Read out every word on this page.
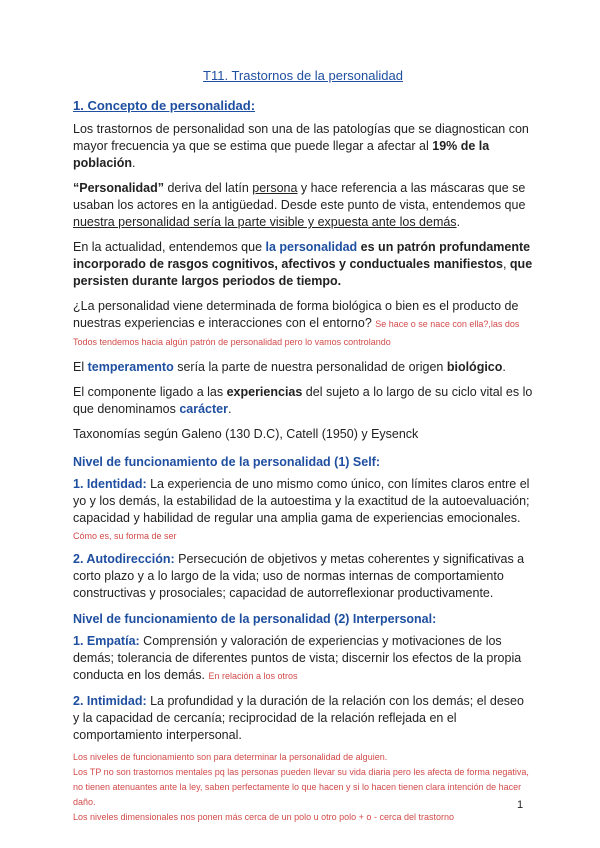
T11. Trastornos de la personalidad
1. Concepto de personalidad:

Los trastornos de personalidad son una de las patologías que se diagnostican con mayor frecuencia ya que se estima que puede llegar a afectar al 19% de la población.

“Personalidad” deriva del latín persona y hace referencia a las máscaras que se usaban los actores en la antigüedad. Desde este punto de vista, entendemos que nuestra personalidad sería la parte visible y expuesta ante los demás.

En la actualidad, entendemos que la personalidad es un patrón profundamente incorporado de rasgos cognitivos, afectivos y conductuales manifiestos, que persisten durante largos periodos de tiempo.

¿La personalidad viene determinada de forma biológica o bien es el producto de nuestras experiencias e interacciones con el entorno? Se hace o se nace con ella?,las dos Todos tendemos hacia algún patrón de personalidad pero lo vamos controlando

El temperamento sería la parte de nuestra personalidad de origen biológico.

El componente ligado a las experiencias del sujeto a lo largo de su ciclo vital es lo que denominamos carácter.

Taxonomías según Galeno (130 D.C), Catell (1950) y Eysenck

Nivel de funcionamiento de la personalidad (1) Self:

1. Identidad: La experiencia de uno mismo como único, con límites claros entre el yo y los demás, la estabilidad de la autoestima y la exactitud de la autoevaluación; capacidad y habilidad de regular una amplia gama de experiencias emocionales.
Cómo es, su forma de ser

2. Autodirección: Persecución de objetivos y metas coherentes y significativas a corto plazo y a lo largo de la vida; uso de normas internas de comportamiento constructivas y prosociales; capacidad de autorreflexionar productivamente.

Nivel de funcionamiento de la personalidad (2) Interpersonal:

1. Empatía: Comprensión y valoración de experiencias y motivaciones de los demás; tolerancia de diferentes puntos de vista; discernir los efectos de la propia conducta en los demás. En relación a los otros

2. Intimidad: La profundidad y la duración de la relación con los demás; el deseo y la capacidad de cercanía; reciprocidad de la relación reflejada en el comportamiento interpersonal.

Los niveles de funcionamiento son para determinar la personalidad de alguien.
Los TP no son trastornos mentales pq las personas pueden llevar su vida diaria pero les afecta de forma negativa, no tienen atenuantes ante la ley, saben perfectamente lo que hacen y si lo hacen tienen clara intención de hacer daño.
Los niveles dimensionales nos ponen más cerca de un polo u otro polo + o - cerca del trastorno
1
